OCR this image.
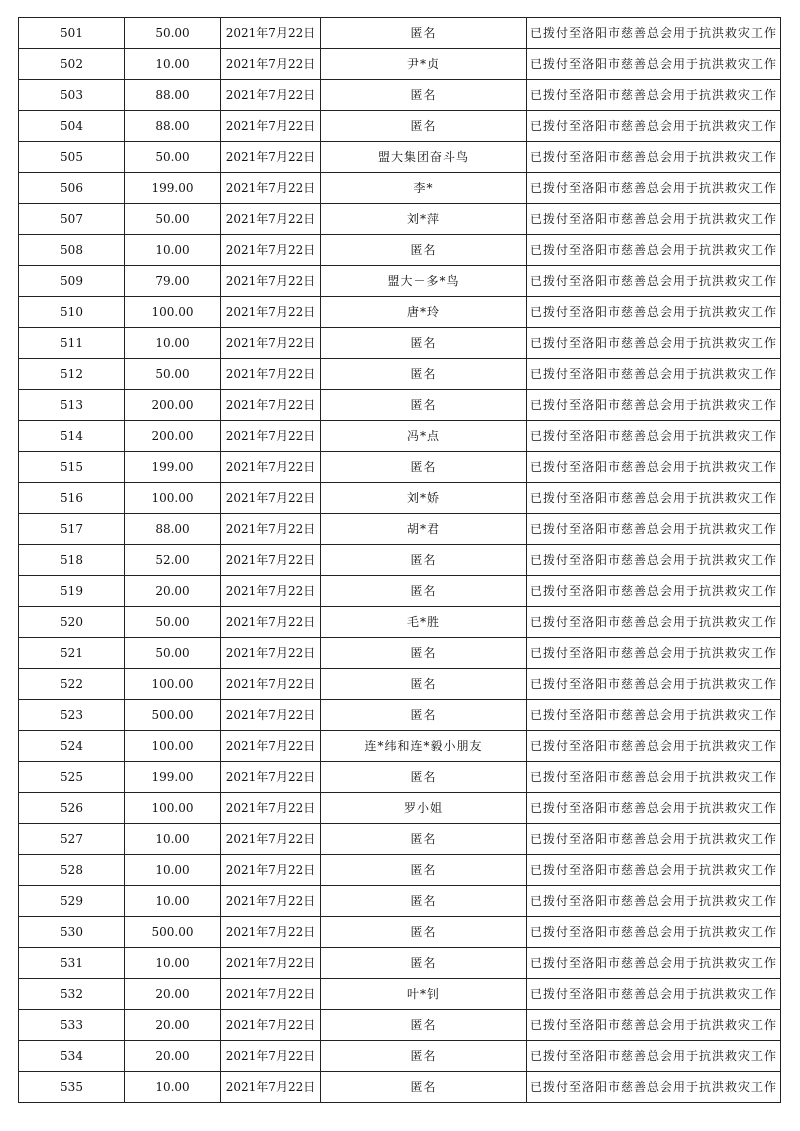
501	50.00	2021年7月22日	匿名	已拨付至洛阳市慈善总会用于抗洪救灾工作
502	10.00	2021年7月22日	尹*贞	已拨付至洛阳市慈善总会用于抗洪救灾工作
503	88.00	2021年7月22日	匿名	已拨付至洛阳市慈善总会用于抗洪救灾工作
504	88.00	2021年7月22日	匿名	已拨付至洛阳市慈善总会用于抗洪救灾工作
505	50.00	2021年7月22日	盟大集团奋斗鸟	已拨付至洛阳市慈善总会用于抗洪救灾工作
506	199.00	2021年7月22日	李*	已拨付至洛阳市慈善总会用于抗洪救灾工作
507	50.00	2021年7月22日	刘*萍	已拨付至洛阳市慈善总会用于抗洪救灾工作
508	10.00	2021年7月22日	匿名	已拨付至洛阳市慈善总会用于抗洪救灾工作
509	79.00	2021年7月22日	盟大－多*鸟	已拨付至洛阳市慈善总会用于抗洪救灾工作
510	100.00	2021年7月22日	唐*玲	已拨付至洛阳市慈善总会用于抗洪救灾工作
511	10.00	2021年7月22日	匿名	已拨付至洛阳市慈善总会用于抗洪救灾工作
512	50.00	2021年7月22日	匿名	已拨付至洛阳市慈善总会用于抗洪救灾工作
513	200.00	2021年7月22日	匿名	已拨付至洛阳市慈善总会用于抗洪救灾工作
514	200.00	2021年7月22日	冯*点	已拨付至洛阳市慈善总会用于抗洪救灾工作
515	199.00	2021年7月22日	匿名	已拨付至洛阳市慈善总会用于抗洪救灾工作
516	100.00	2021年7月22日	刘*娇	已拨付至洛阳市慈善总会用于抗洪救灾工作
517	88.00	2021年7月22日	胡*君	已拨付至洛阳市慈善总会用于抗洪救灾工作
518	52.00	2021年7月22日	匿名	已拨付至洛阳市慈善总会用于抗洪救灾工作
519	20.00	2021年7月22日	匿名	已拨付至洛阳市慈善总会用于抗洪救灾工作
520	50.00	2021年7月22日	毛*胜	已拨付至洛阳市慈善总会用于抗洪救灾工作
521	50.00	2021年7月22日	匿名	已拨付至洛阳市慈善总会用于抗洪救灾工作
522	100.00	2021年7月22日	匿名	已拨付至洛阳市慈善总会用于抗洪救灾工作
523	500.00	2021年7月22日	匿名	已拨付至洛阳市慈善总会用于抗洪救灾工作
524	100.00	2021年7月22日	连*纬和连*毅小朋友	已拨付至洛阳市慈善总会用于抗洪救灾工作
525	199.00	2021年7月22日	匿名	已拨付至洛阳市慈善总会用于抗洪救灾工作
526	100.00	2021年7月22日	罗小姐	已拨付至洛阳市慈善总会用于抗洪救灾工作
527	10.00	2021年7月22日	匿名	已拨付至洛阳市慈善总会用于抗洪救灾工作
528	10.00	2021年7月22日	匿名	已拨付至洛阳市慈善总会用于抗洪救灾工作
529	10.00	2021年7月22日	匿名	已拨付至洛阳市慈善总会用于抗洪救灾工作
530	500.00	2021年7月22日	匿名	已拨付至洛阳市慈善总会用于抗洪救灾工作
531	10.00	2021年7月22日	匿名	已拨付至洛阳市慈善总会用于抗洪救灾工作
532	20.00	2021年7月22日	叶*钊	已拨付至洛阳市慈善总会用于抗洪救灾工作
533	20.00	2021年7月22日	匿名	已拨付至洛阳市慈善总会用于抗洪救灾工作
534	20.00	2021年7月22日	匿名	已拨付至洛阳市慈善总会用于抗洪救灾工作
535	10.00	2021年7月22日	匿名	已拨付至洛阳市慈善总会用于抗洪救灾工作
